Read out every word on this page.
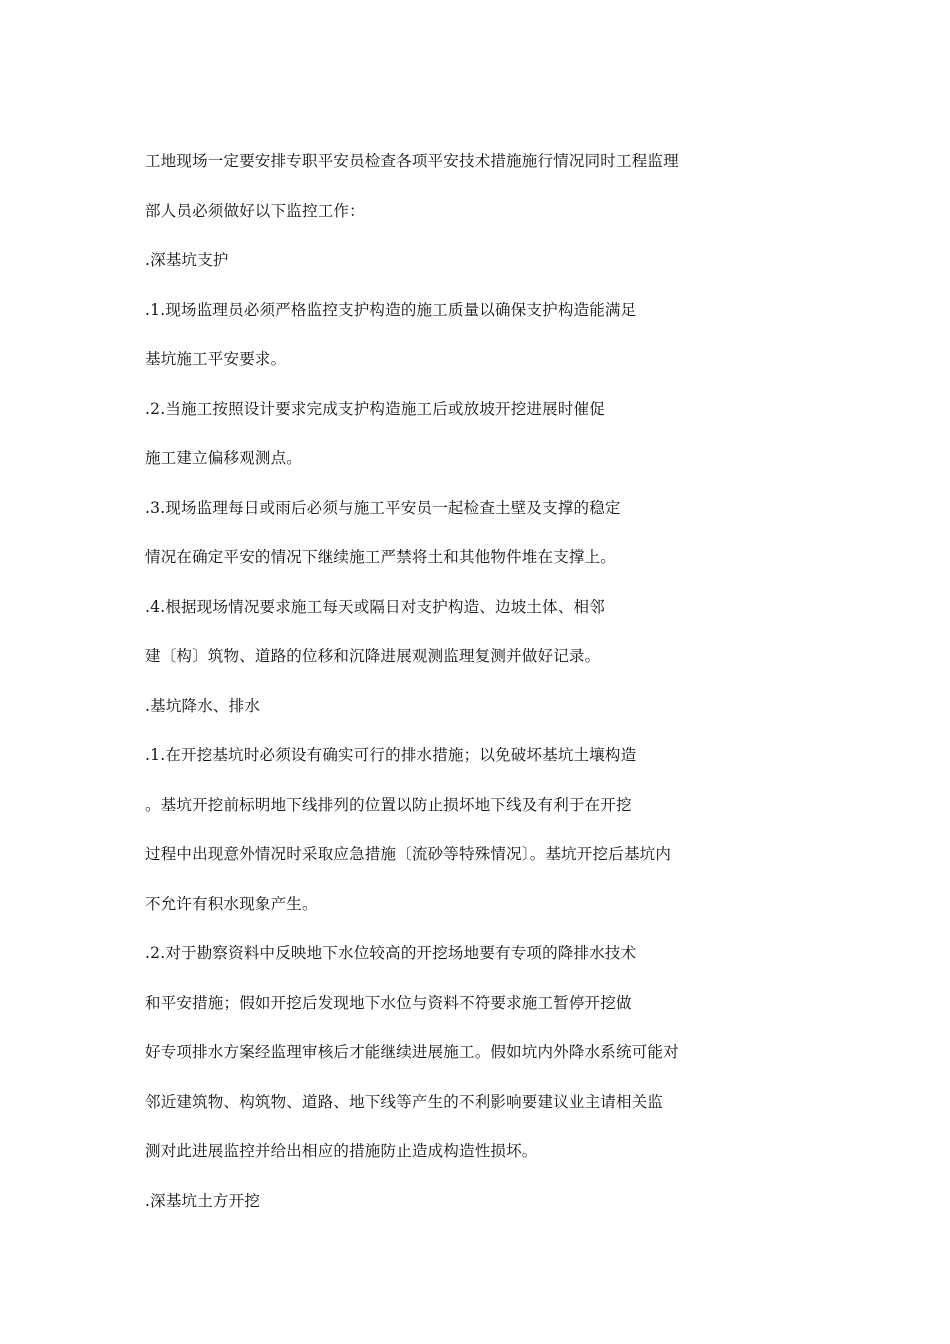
工地现场一定要安排专职平安员检查各项平安技术措施施行情况同时工程监理
部人员必须做好以下监控工作：
.深基坑支护
.1.现场监理员必须严格监控支护构造的施工质量以确保支护构造能满足
基坑施工平安要求。
.2.当施工按照设计要求完成支护构造施工后或放坡开挖进展时催促
施工建立偏移观测点。
.3.现场监理每日或雨后必须与施工平安员一起检查土壁及支撑的稳定
情况在确定平安的情况下继续施工严禁将土和其他物件堆在支撑上。
.4.根据现场情况要求施工每天或隔日对支护构造、边坡土体、相邻
建〔构〕筑物、道路的位移和沉降进展观测监理复测并做好记录。
.基坑降水、排水
.1.在开挖基坑时必须设有确实可行的排水措施；以免破坏基坑土壤构造
。基坑开挖前标明地下线排列的位置以防止损坏地下线及有利于在开挖
过程中出现意外情况时采取应急措施〔流砂等特殊情况〕。基坑开挖后基坑内
不允许有积水现象产生。
.2.对于勘察资料中反映地下水位较高的开挖场地要有专项的降排水技术
和平安措施；假如开挖后发现地下水位与资料不符要求施工暂停开挖做
好专项排水方案经监理审核后才能继续进展施工。假如坑内外降水系统可能对
邻近建筑物、构筑物、道路、地下线等产生的不利影响要建议业主请相关监
测对此进展监控并给出相应的措施防止造成构造性损坏。
.深基坑土方开挖
